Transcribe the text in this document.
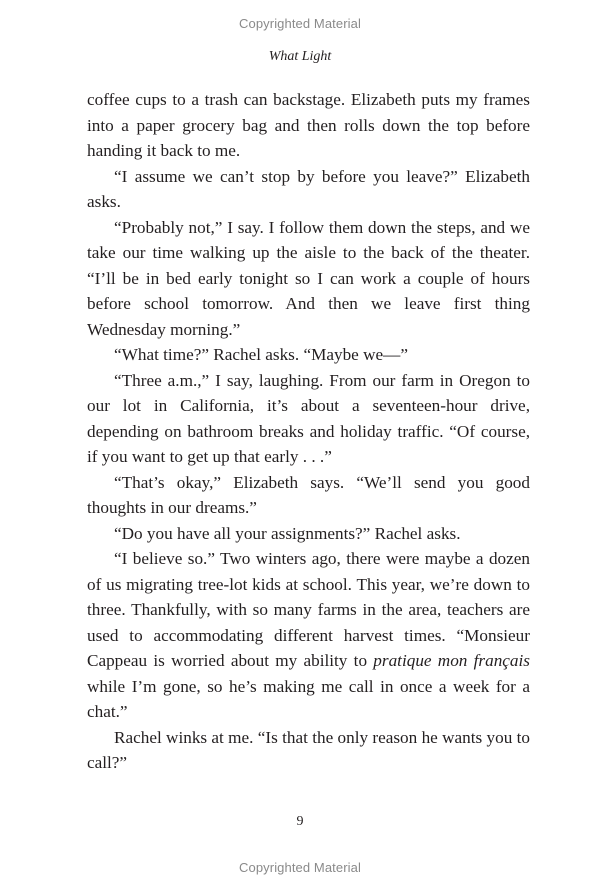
Copyrighted Material
What Light

coffee cups to a trash can backstage. Elizabeth puts my frames into a paper grocery bag and then rolls down the top before handing it back to me.

“I assume we can’t stop by before you leave?” Elizabeth asks.

“Probably not,” I say. I follow them down the steps, and we take our time walking up the aisle to the back of the theater. “I’ll be in bed early tonight so I can work a couple of hours before school tomorrow. And then we leave first thing Wednesday morning.”

“What time?” Rachel asks. “Maybe we—”

“Three a.m.,” I say, laughing. From our farm in Oregon to our lot in California, it’s about a seventeen-hour drive, depending on bathroom breaks and holiday traffic. “Of course, if you want to get up that early . . .”

“That’s okay,” Elizabeth says. “We’ll send you good thoughts in our dreams.”

“Do you have all your assignments?” Rachel asks.

“I believe so.” Two winters ago, there were maybe a dozen of us migrating tree-lot kids at school. This year, we’re down to three. Thankfully, with so many farms in the area, teachers are used to accommodating different harvest times. “Monsieur Cappeau is worried about my ability to pratique mon français while I’m gone, so he’s making me call in once a week for a chat.”

Rachel winks at me. “Is that the only reason he wants you to call?”

9
Copyrighted Material
